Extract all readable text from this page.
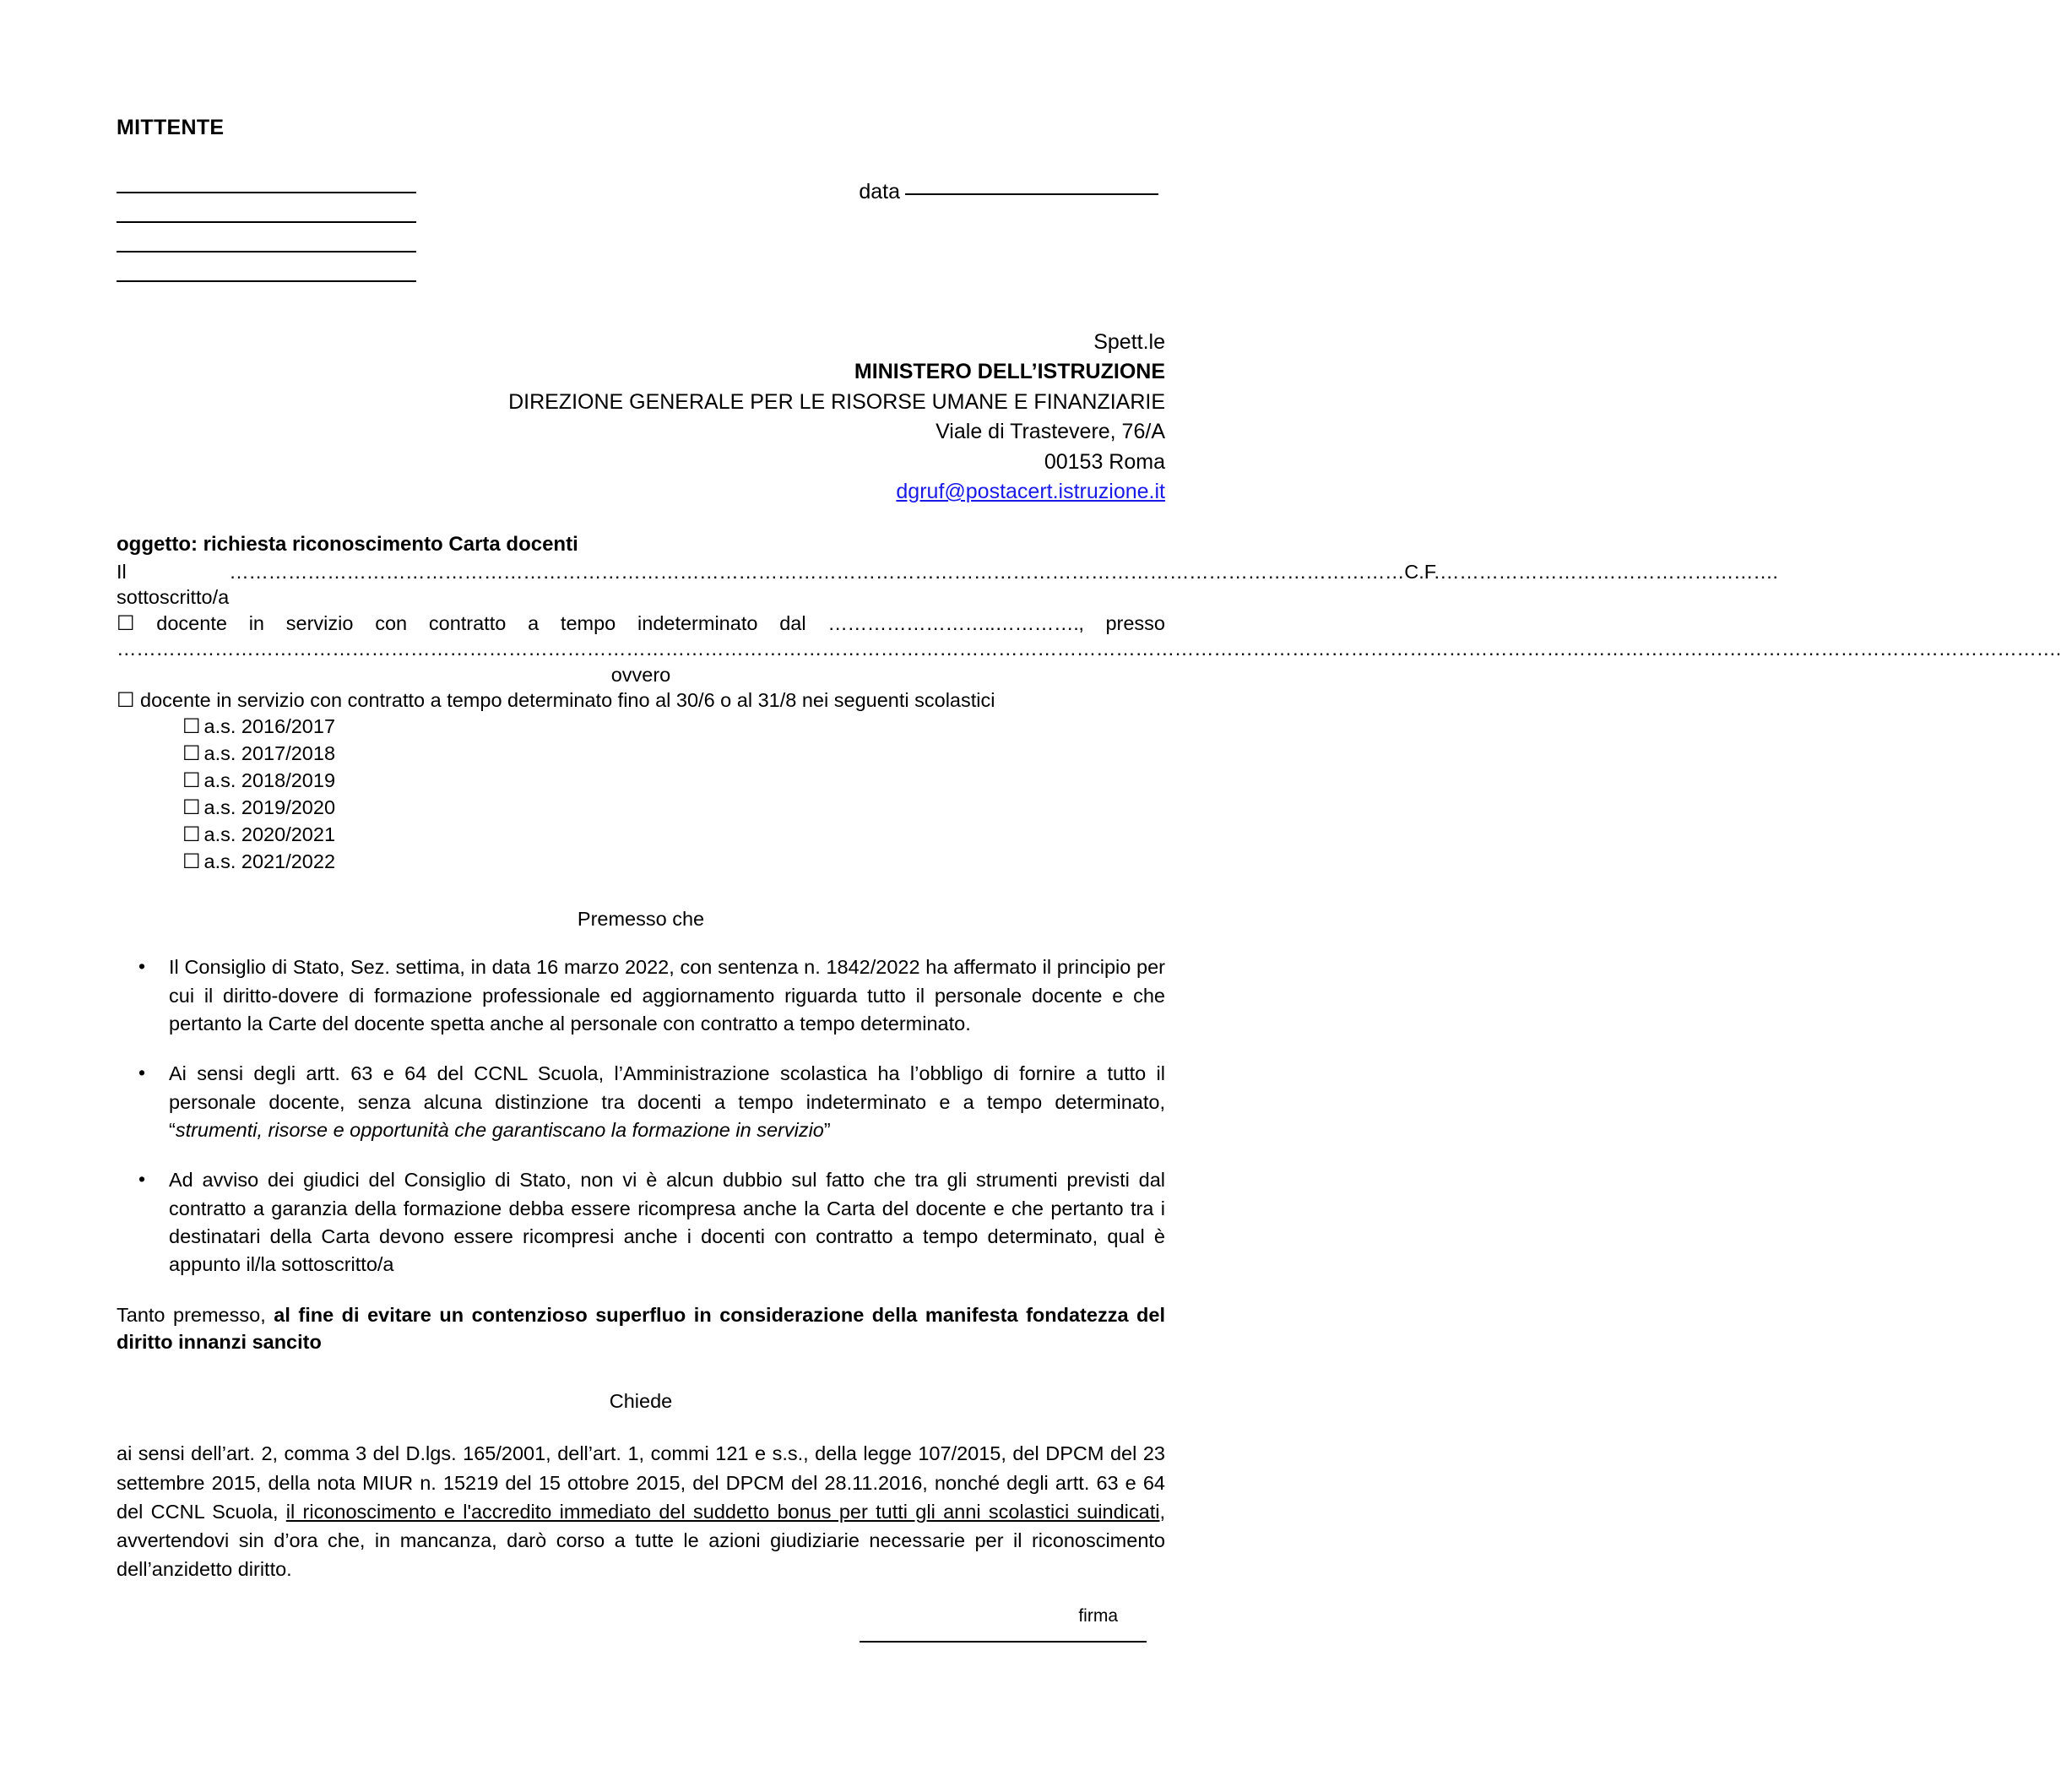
MITTENTE
data
Spett.le
MINISTERO DELL’ISTRUZIONE
DIREZIONE GENERALE PER LE RISORSE UMANE E FINANZIARIE
Viale di Trastevere, 76/A
00153 Roma
dgruf@postacert.istruzione.it
oggetto: richiesta riconoscimento Carta docenti
Il sottoscritto/a
……………………………………………………………………………………………………………………………………………………………… C.F. …………………………………………….
☐ docente in servizio con contratto a tempo indeterminato dal ……………………..…………., presso
……………………………………………………………………………………………………………………………………………………………………………………………………………………………………………………………………….
ovvero
☐ docente in servizio con contratto a tempo determinato fino al 30/6 o al 31/8 nei seguenti scolastici
☐ a.s. 2016/2017
☐ a.s. 2017/2018
☐ a.s. 2018/2019
☐ a.s. 2019/2020
☐ a.s. 2020/2021
☐ a.s. 2021/2022
Premesso che
• Il Consiglio di Stato, Sez. settima, in data 16 marzo 2022, con sentenza n. 1842/2022 ha affermato il principio per cui il diritto-dovere di formazione professionale ed aggiornamento riguarda tutto il personale docente e che pertanto la Carte del docente spetta anche al personale con contratto a tempo determinato.
• Ai sensi degli artt. 63 e 64 del CCNL Scuola, l’Amministrazione scolastica ha l’obbligo di fornire a tutto il personale docente, senza alcuna distinzione tra docenti a tempo indeterminato e a tempo determinato, “strumenti, risorse e opportunità che garantiscano la formazione in servizio”
• Ad avviso dei giudici del Consiglio di Stato, non vi è alcun dubbio sul fatto che tra gli strumenti previsti dal contratto a garanzia della formazione debba essere ricompresa anche la Carta del docente e che pertanto tra i destinatari della Carta devono essere ricompresi anche i docenti con contratto a tempo determinato, qual è appunto il/la sottoscritto/a
Tanto premesso, al fine di evitare un contenzioso superfluo in considerazione della manifesta fondatezza del diritto innanzi sancito
Chiede
ai sensi dell’art. 2, comma 3 del D.lgs. 165/2001, dell’art. 1, commi 121 e s.s., della legge 107/2015, del DPCM del 23 settembre 2015, della nota MIUR n. 15219 del 15 ottobre 2015, del DPCM del 28.11.2016, nonché degli artt. 63 e 64 del CCNL Scuola, il riconoscimento e l'accredito immediato del suddetto bonus per tutti gli anni scolastici suindicati, avvertendovi sin d’ora che, in mancanza, darò corso a tutte le azioni giudiziarie necessarie per il riconoscimento dell’anzidetto diritto.
firma
